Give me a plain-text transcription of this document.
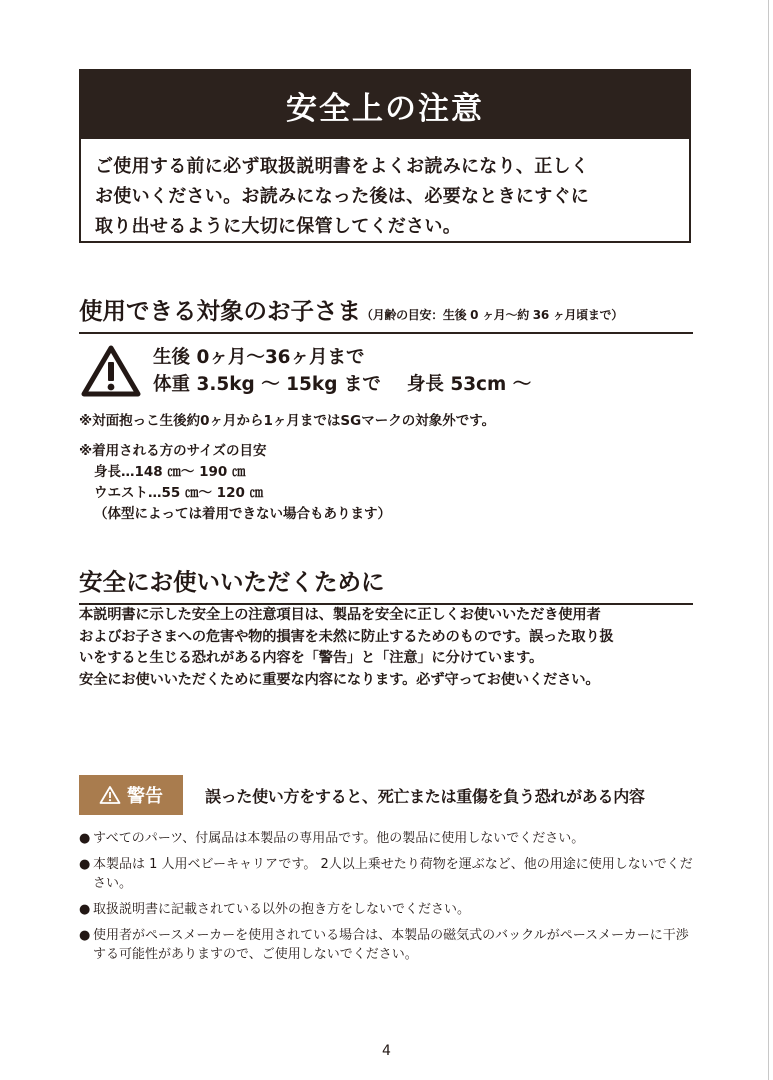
安全上の注意
ご使用する前に必ず取扱説明書をよくお読みになり、正しく
お使いください。お読みになった後は、必要なときにすぐに
取り出せるように大切に保管してください。
使用できる対象のお子さま（月齢の目安：生後 0 ヶ月〜約 36 ヶ月頃まで）
生後 0ヶ月〜36ヶ月まで
体重 3.5kg 〜 15kg まで 身長 53cm 〜
※対面抱っこ生後約0ヶ月から1ヶ月まではSGマークの対象外です。
※着用される方のサイズの目安
身長…148 ㎝〜 190 ㎝
ウエスト…55 ㎝〜 120 ㎝
（体型によっては着用できない場合もあります）
安全にお使いいただくために
本説明書に示した安全上の注意項目は、製品を安全に正しくお使いいただき使用者
およびお子さまへの危害や物的損害を未然に防止するためのものです。誤った取り扱
いをすると生じる恐れがある内容を「警告」と「注意」に分けています。
安全にお使いいただくために重要な内容になります。必ず守ってお使いください。
警告	誤った使い方をすると、死亡または重傷を負う恐れがある内容
● すべてのパーツ、付属品は本製品の専用品です。他の製品に使用しないでください。
● 本製品は 1 人用ベビーキャリアです。 2人以上乗せたり荷物を運ぶなど、他の用途に使用しないでください。
● 取扱説明書に記載されている以外の抱き方をしないでください。
● 使用者がペースメーカーを使用されている場合は、本製品の磁気式のバックルがペースメーカーに干渉する可能性がありますので、ご使用しないでください。
4
